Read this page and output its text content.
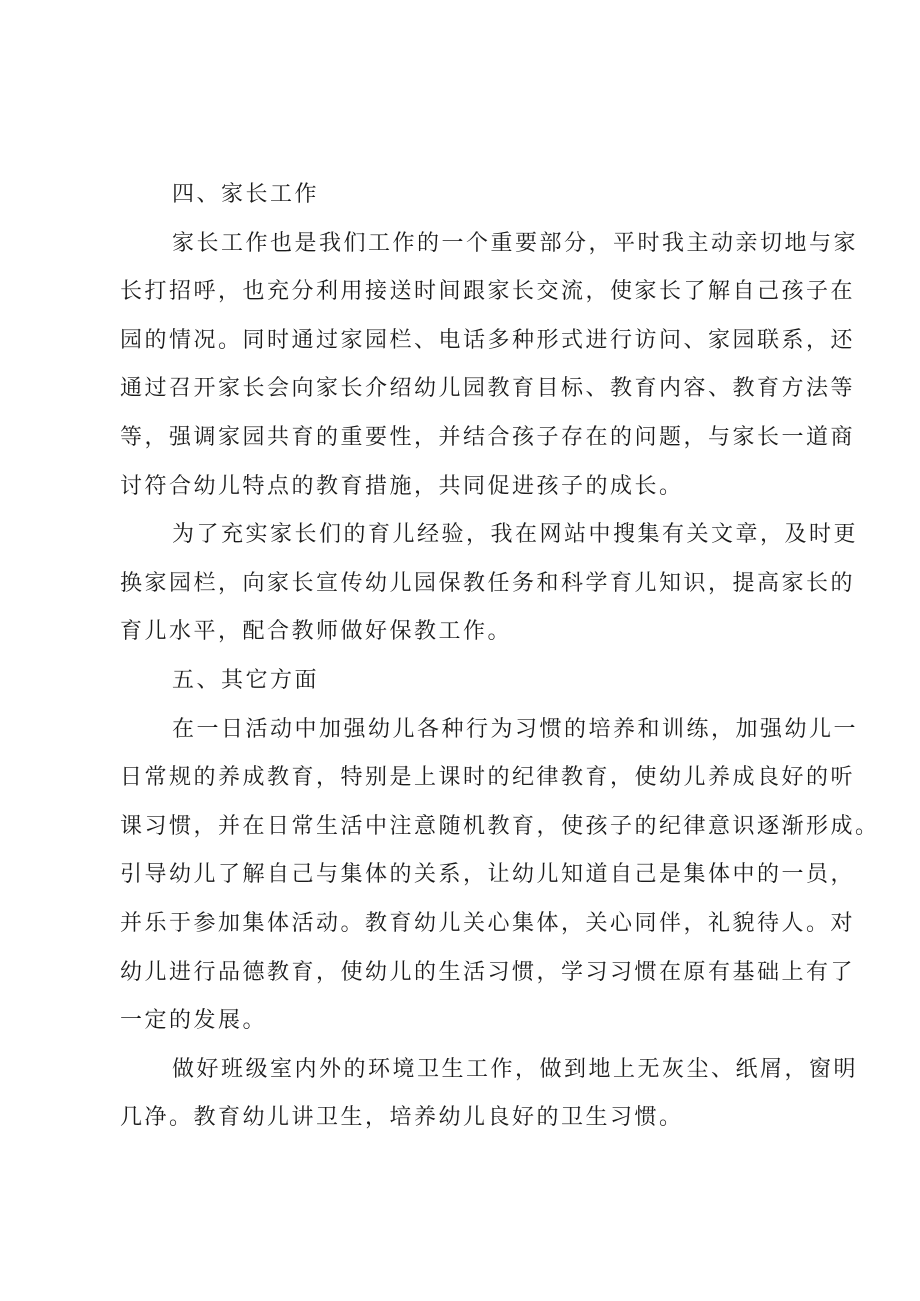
四、家长工作
家长工作也是我们工作的一个重要部分，平时我主动亲切地与家
长打招呼，也充分利用接送时间跟家长交流，使家长了解自己孩子在
园的情况。同时通过家园栏、电话多种形式进行访问、家园联系，还
通过召开家长会向家长介绍幼儿园教育目标、教育内容、教育方法等
等，强调家园共育的重要性，并结合孩子存在的问题，与家长一道商
讨符合幼儿特点的教育措施，共同促进孩子的成长。
为了充实家长们的育儿经验，我在网站中搜集有关文章，及时更
换家园栏，向家长宣传幼儿园保教任务和科学育儿知识，提高家长的
育儿水平，配合教师做好保教工作。
五、其它方面
在一日活动中加强幼儿各种行为习惯的培养和训练，加强幼儿一
日常规的养成教育，特别是上课时的纪律教育，使幼儿养成良好的听
课习惯，并在日常生活中注意随机教育，使孩子的纪律意识逐渐形成。
引导幼儿了解自己与集体的关系，让幼儿知道自己是集体中的一员，
并乐于参加集体活动。教育幼儿关心集体，关心同伴，礼貌待人。对
幼儿进行品德教育，使幼儿的生活习惯，学习习惯在原有基础上有了
一定的发展。
做好班级室内外的环境卫生工作，做到地上无灰尘、纸屑，窗明
几净。教育幼儿讲卫生，培养幼儿良好的卫生习惯。
